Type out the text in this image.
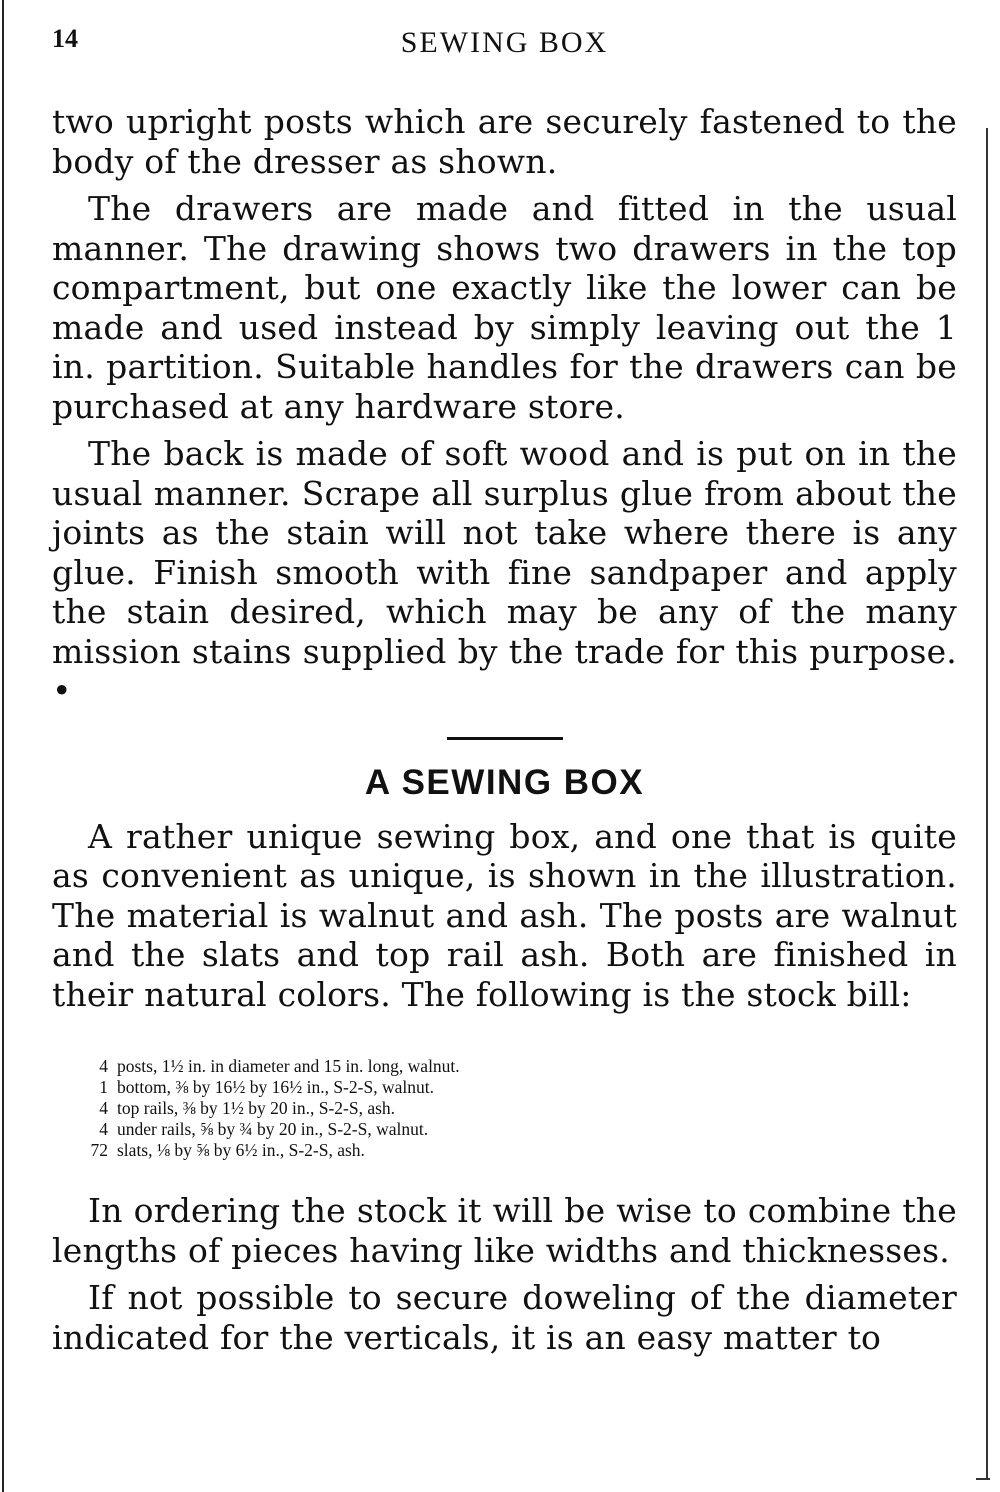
14	SEWING BOX

two upright posts which are securely fastened to the body of the dresser as shown.

The drawers are made and fitted in the usual manner. The drawing shows two drawers in the top compartment, but one exactly like the lower can be made and used instead by simply leaving out the 1 in. partition. Suitable handles for the drawers can be purchased at any hardware store.

The back is made of soft wood and is put on in the usual manner. Scrape all surplus glue from about the joints as the stain will not take where there is any glue. Finish smooth with fine sandpaper and apply the stain desired, which may be any of the many mission stains supplied by the trade for this purpose. •

A SEWING BOX

A rather unique sewing box, and one that is quite as convenient as unique, is shown in the illustration. The material is walnut and ash. The posts are walnut and the slats and top rail ash. Both are finished in their natural colors. The following is the stock bill:

4 posts, 1½ in. in diameter and 15 in. long, walnut.
1 bottom, ⅜ by 16½ by 16½ in., S-2-S, walnut.
4 top rails, ⅜ by 1½ by 20 in., S-2-S, ash.
4 under rails, ⅝ by ¾ by 20 in., S-2-S, walnut.
72 slats, ⅛ by ⅝ by 6½ in., S-2-S, ash.

In ordering the stock it will be wise to combine the lengths of pieces having like widths and thicknesses.

If not possible to secure doweling of the diameter indicated for the verticals, it is an easy matter to
